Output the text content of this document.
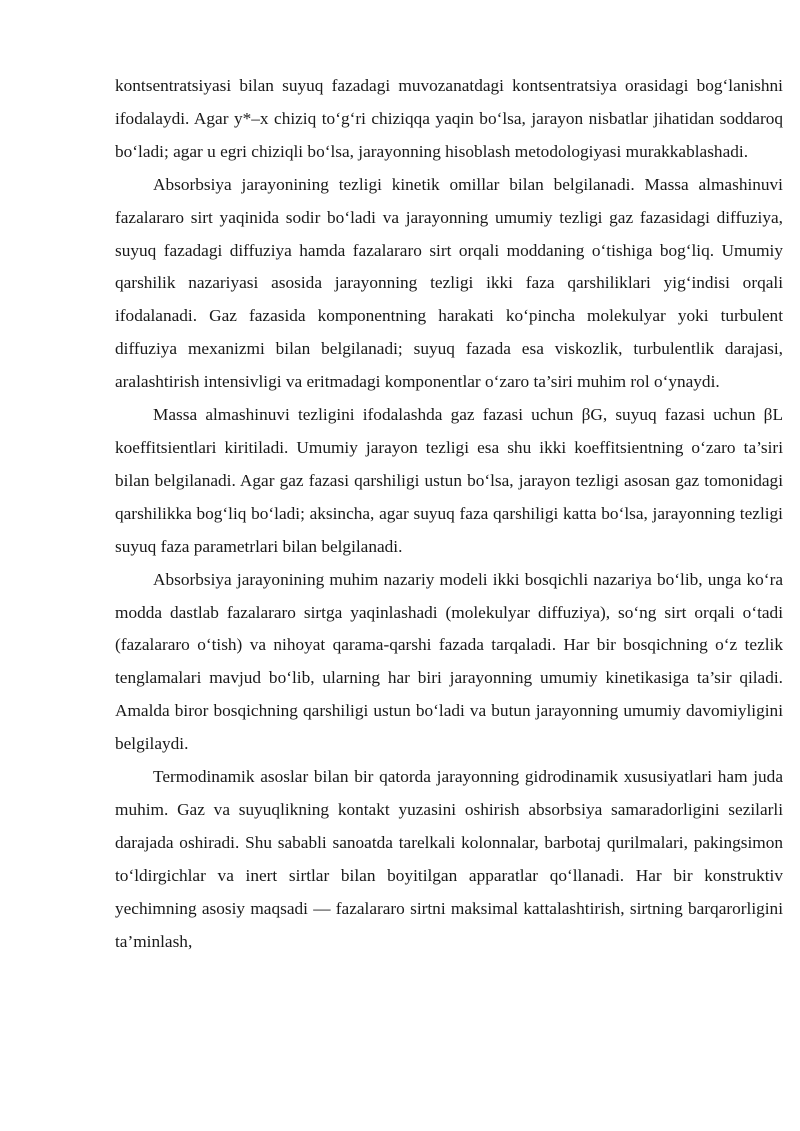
kontsentratsiyasi bilan suyuq fazadagi muvozanatdagi kontsentratsiya orasidagi bog‘lanishni ifodalaydi. Agar y*–x chiziq to‘g‘ri chiziqqa yaqin bo‘lsa, jarayon nisbatlar jihatidan soddaroq bo‘ladi; agar u egri chiziqli bo‘lsa, jarayonning hisoblash metodologiyasi murakkablashadi.

Absorbsiya jarayonining tezligi kinetik omillar bilan belgilanadi. Massa almashinuvi fazalararo sirt yaqinida sodir bo‘ladi va jarayonning umumiy tezligi gaz fazasidagi diffuziya, suyuq fazadagi diffuziya hamda fazalararo sirt orqali moddaning o‘tishiga bog‘liq. Umumiy qarshilik nazariyasi asosida jarayonning tezligi ikki faza qarshiliklari yig‘indisi orqali ifodalanadi. Gaz fazasida komponentning harakati ko‘pincha molekulyar yoki turbulent diffuziya mexanizmi bilan belgilanadi; suyuq fazada esa viskozlik, turbulentlik darajasi, aralashtirish intensivligi va eritmadagi komponentlar o‘zaro ta’siri muhim rol o‘ynaydi.

Massa almashinuvi tezligini ifodalashda gaz fazasi uchun βG, suyuq fazasi uchun βL koeffitsientlari kiritiladi. Umumiy jarayon tezligi esa shu ikki koeffitsientning o‘zaro ta’siri bilan belgilanadi. Agar gaz fazasi qarshiligi ustun bo‘lsa, jarayon tezligi asosan gaz tomonidagi qarshilikka bog‘liq bo‘ladi; aksincha, agar suyuq faza qarshiligi katta bo‘lsa, jarayonning tezligi suyuq faza parametrlari bilan belgilanadi.

Absorbsiya jarayonining muhim nazariy modeli ikki bosqichli nazariya bo‘lib, unga ko‘ra modda dastlab fazalararo sirtga yaqinlashadi (molekulyar diffuziya), so‘ng sirt orqali o‘tadi (fazalararo o‘tish) va nihoyat qarama-qarshi fazada tarqaladi. Har bir bosqichning o‘z tezlik tenglamalari mavjud bo‘lib, ularning har biri jarayonning umumiy kinetikasiga ta’sir qiladi. Amalda biror bosqichning qarshiligi ustun bo‘ladi va butun jarayonning umumiy davomiyligini belgilaydi.

Termodinamik asoslar bilan bir qatorda jarayonning gidrodinamik xususiyatlari ham juda muhim. Gaz va suyuqlikning kontakt yuzasini oshirish absorbsiya samaradorligini sezilarli darajada oshiradi. Shu sababli sanoatda tarelkali kolonnalar, barbotaj qurilmalari, pakingsimon to‘ldirgichlar va inert sirtlar bilan boyitilgan apparatlar qo‘llanadi. Har bir konstruktiv yechimning asosiy maqsadi — fazalararo sirtni maksimal kattalashtirish, sirtning barqarorligini ta’minlash,
